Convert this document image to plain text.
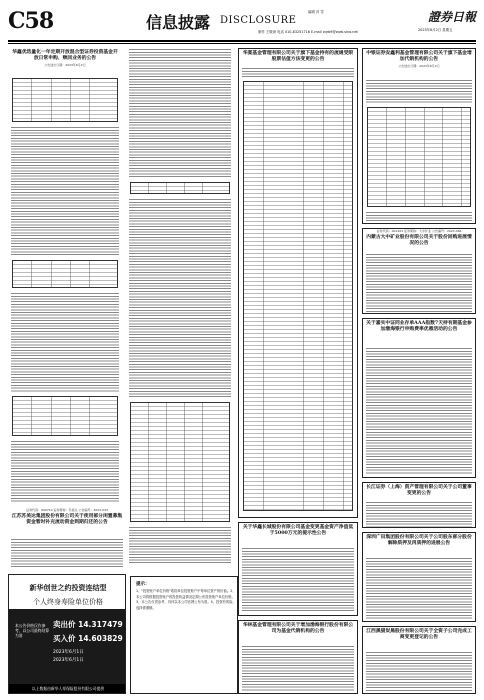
C58	信息披露 DISCLOSURE
编辑 冯 雪
制作 王敬涛 电话 010-83251716 E-mail zqrb9@zqrb.sina.net
證券日報
2023年6月2日 星期五
华鑫优选量化一年定期开放混合型证券投资基金开放日常申购、赎回业务的公告
公告送出日期：2023年6月2日
证券代码：600710 证券简称：苏美达 公告编号：2023-033
江苏苏美达集团股份有限公司关于使用部分闲置募集资金暂时补充流动资金到期归还的公告
华夏基金管理有限公司关于旗下基金持有的流通受限股票估值方法变更的公告
关于华鑫长城股份有限公司基金变更基金资产净值低于5000万元的提示性公告
华林基金管理有限公司关于增加渤海银行股份有限公司为基金代销机构的公告
中银证券安鑫利基金管理有限公司关于旗下基金增加代销机构的公告
公告送出日期：2023年6月2日
证券代码：001203 证券简称：大中矿业 公告编号：2023-066
内蒙古大中矿业股份有限公司关于股份回购进展情况的公告
关于嘉实中证同业存单AAA指数7天持有期基金参加渤海银行申购费率优惠活动的公告
长江证券（上海）资产管理有限公司关于公司董事变更的公告
深圳广田集团股份有限公司关于公司股东部分股份解除质押及再质押的进展公告
江西黑猫炭黑股份有限公司关于全资子公司完成工商变更登记的公告
新华创世之约投资连结型
个人终身寿险单位价格
本公告价格仅作参考，以公司最终结算为准
卖出价 14.317479
买入价 14.603829
2023年6月1日
2023年6月1日
以上数据由新华人寿保险股份有限公司提供
提示：
1、"投资账户单位价格"系指单位投资账户中每单位资产的价值。2、本公司将根据投资账户的投资收益情况定期公布投资账户单位价格。3、本公告仅供参考，具体以本公司官网公布为准。4、投资有风险，选择需谨慎。
